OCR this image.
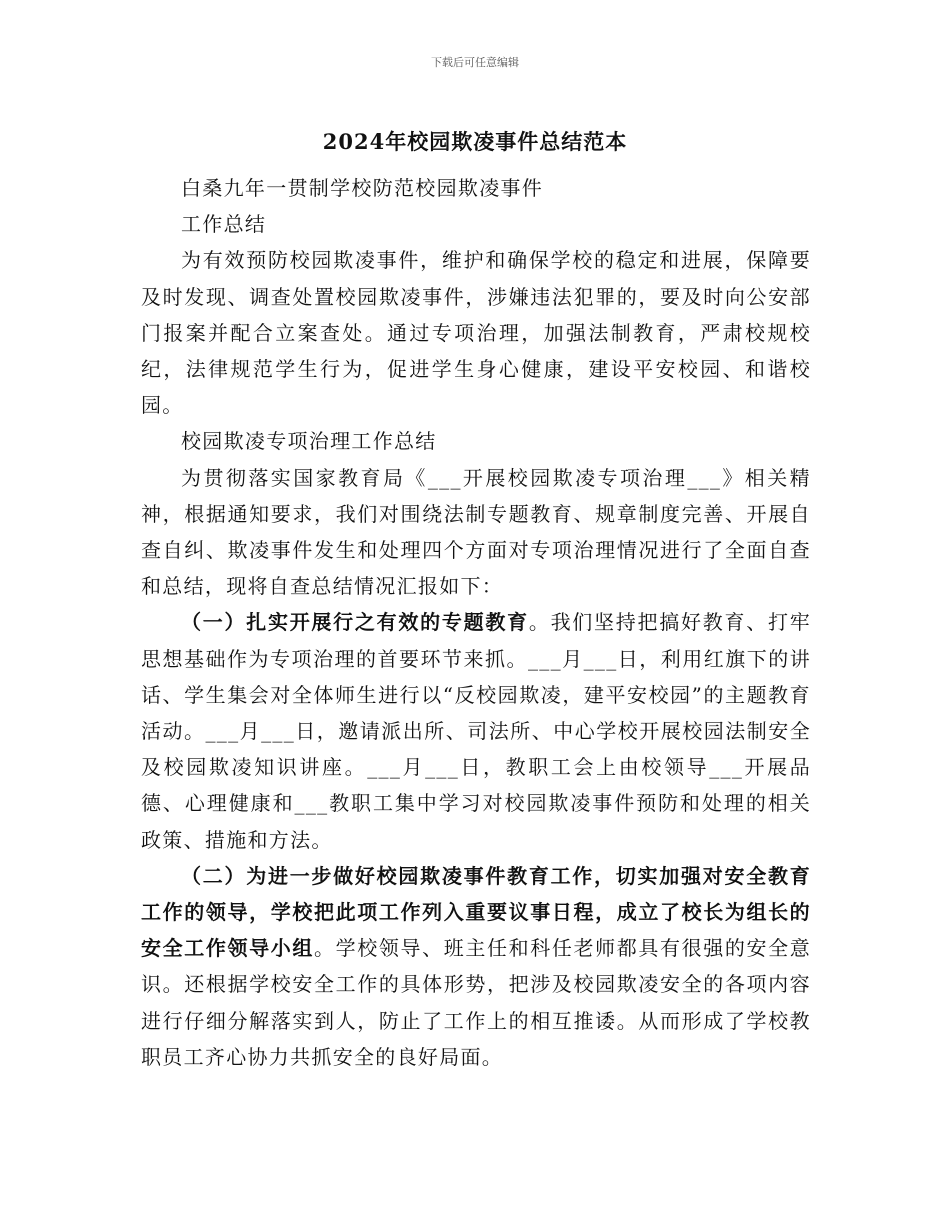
下载后可任意编辑
2024年校园欺凌事件总结范本

白桑九年一贯制学校防范校园欺凌事件

工作总结

为有效预防校园欺凌事件，维护和确保学校的稳定和进展，保障要及时发现、调查处置校园欺凌事件，涉嫌违法犯罪的，要及时向公安部门报案并配合立案查处。通过专项治理，加强法制教育，严肃校规校纪，法律规范学生行为，促进学生身心健康，建设平安校园、和谐校园。

校园欺凌专项治理工作总结

为贯彻落实国家教育局《___开展校园欺凌专项治理___》相关精神，根据通知要求，我们对围绕法制专题教育、规章制度完善、开展自查自纠、欺凌事件发生和处理四个方面对专项治理情况进行了全面自查和总结，现将自查总结情况汇报如下：

（一）扎实开展行之有效的专题教育。我们坚持把搞好教育、打牢思想基础作为专项治理的首要环节来抓。___月___日，利用红旗下的讲话、学生集会对全体师生进行以“反校园欺凌，建平安校园”的主题教育活动。___月___日，邀请派出所、司法所、中心学校开展校园法制安全及校园欺凌知识讲座。___月___日，教职工会上由校领导___开展品德、心理健康和___教职工集中学习对校园欺凌事件预防和处理的相关政策、措施和方法。

（二）为进一步做好校园欺凌事件教育工作，切实加强对安全教育工作的领导，学校把此项工作列入重要议事日程，成立了校长为组长的安全工作领导小组。学校领导、班主任和科任老师都具有很强的安全意识。还根据学校安全工作的具体形势，把涉及校园欺凌安全的各项内容进行仔细分解落实到人，防止了工作上的相互推诿。从而形成了学校教职员工齐心协力共抓安全的良好局面。
